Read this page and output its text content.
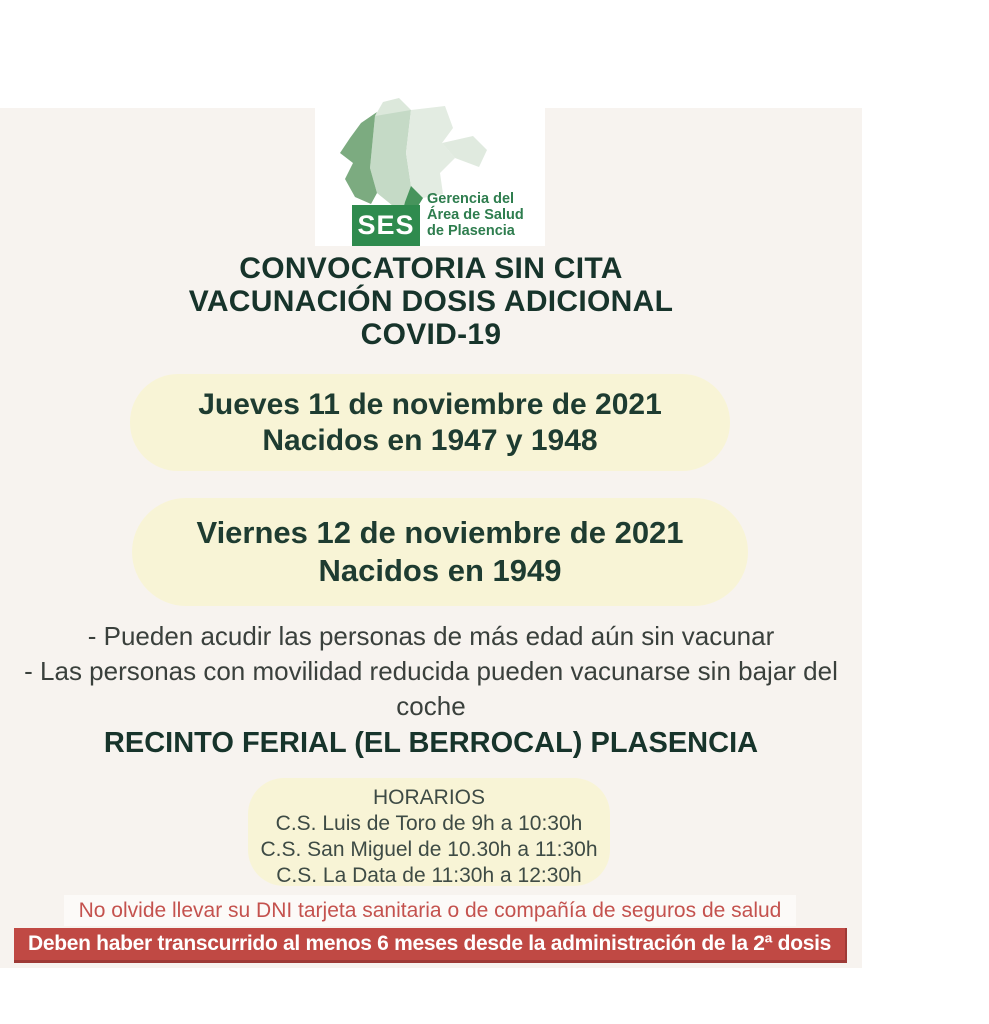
SES
Gerencia del
Área de Salud
de Plasencia
CONVOCATORIA SIN CITA
VACUNACIÓN DOSIS ADICIONAL
COVID-19
Jueves 11 de noviembre de 2021
Nacidos en 1947 y 1948
Viernes 12 de noviembre de 2021
Nacidos en 1949
- Pueden acudir las personas de más edad aún sin vacunar
- Las personas con movilidad reducida pueden vacunarse sin bajar del coche
RECINTO FERIAL (EL BERROCAL) PLASENCIA
HORARIOS
C.S. Luis de Toro de 9h a 10:30h
C.S. San Miguel de 10.30h a 11:30h
C.S. La Data de 11:30h a 12:30h
No olvide llevar su DNI tarjeta sanitaria o de compañía de seguros de salud
Deben haber transcurrido al menos 6 meses desde la administración de la 2ª dosis
